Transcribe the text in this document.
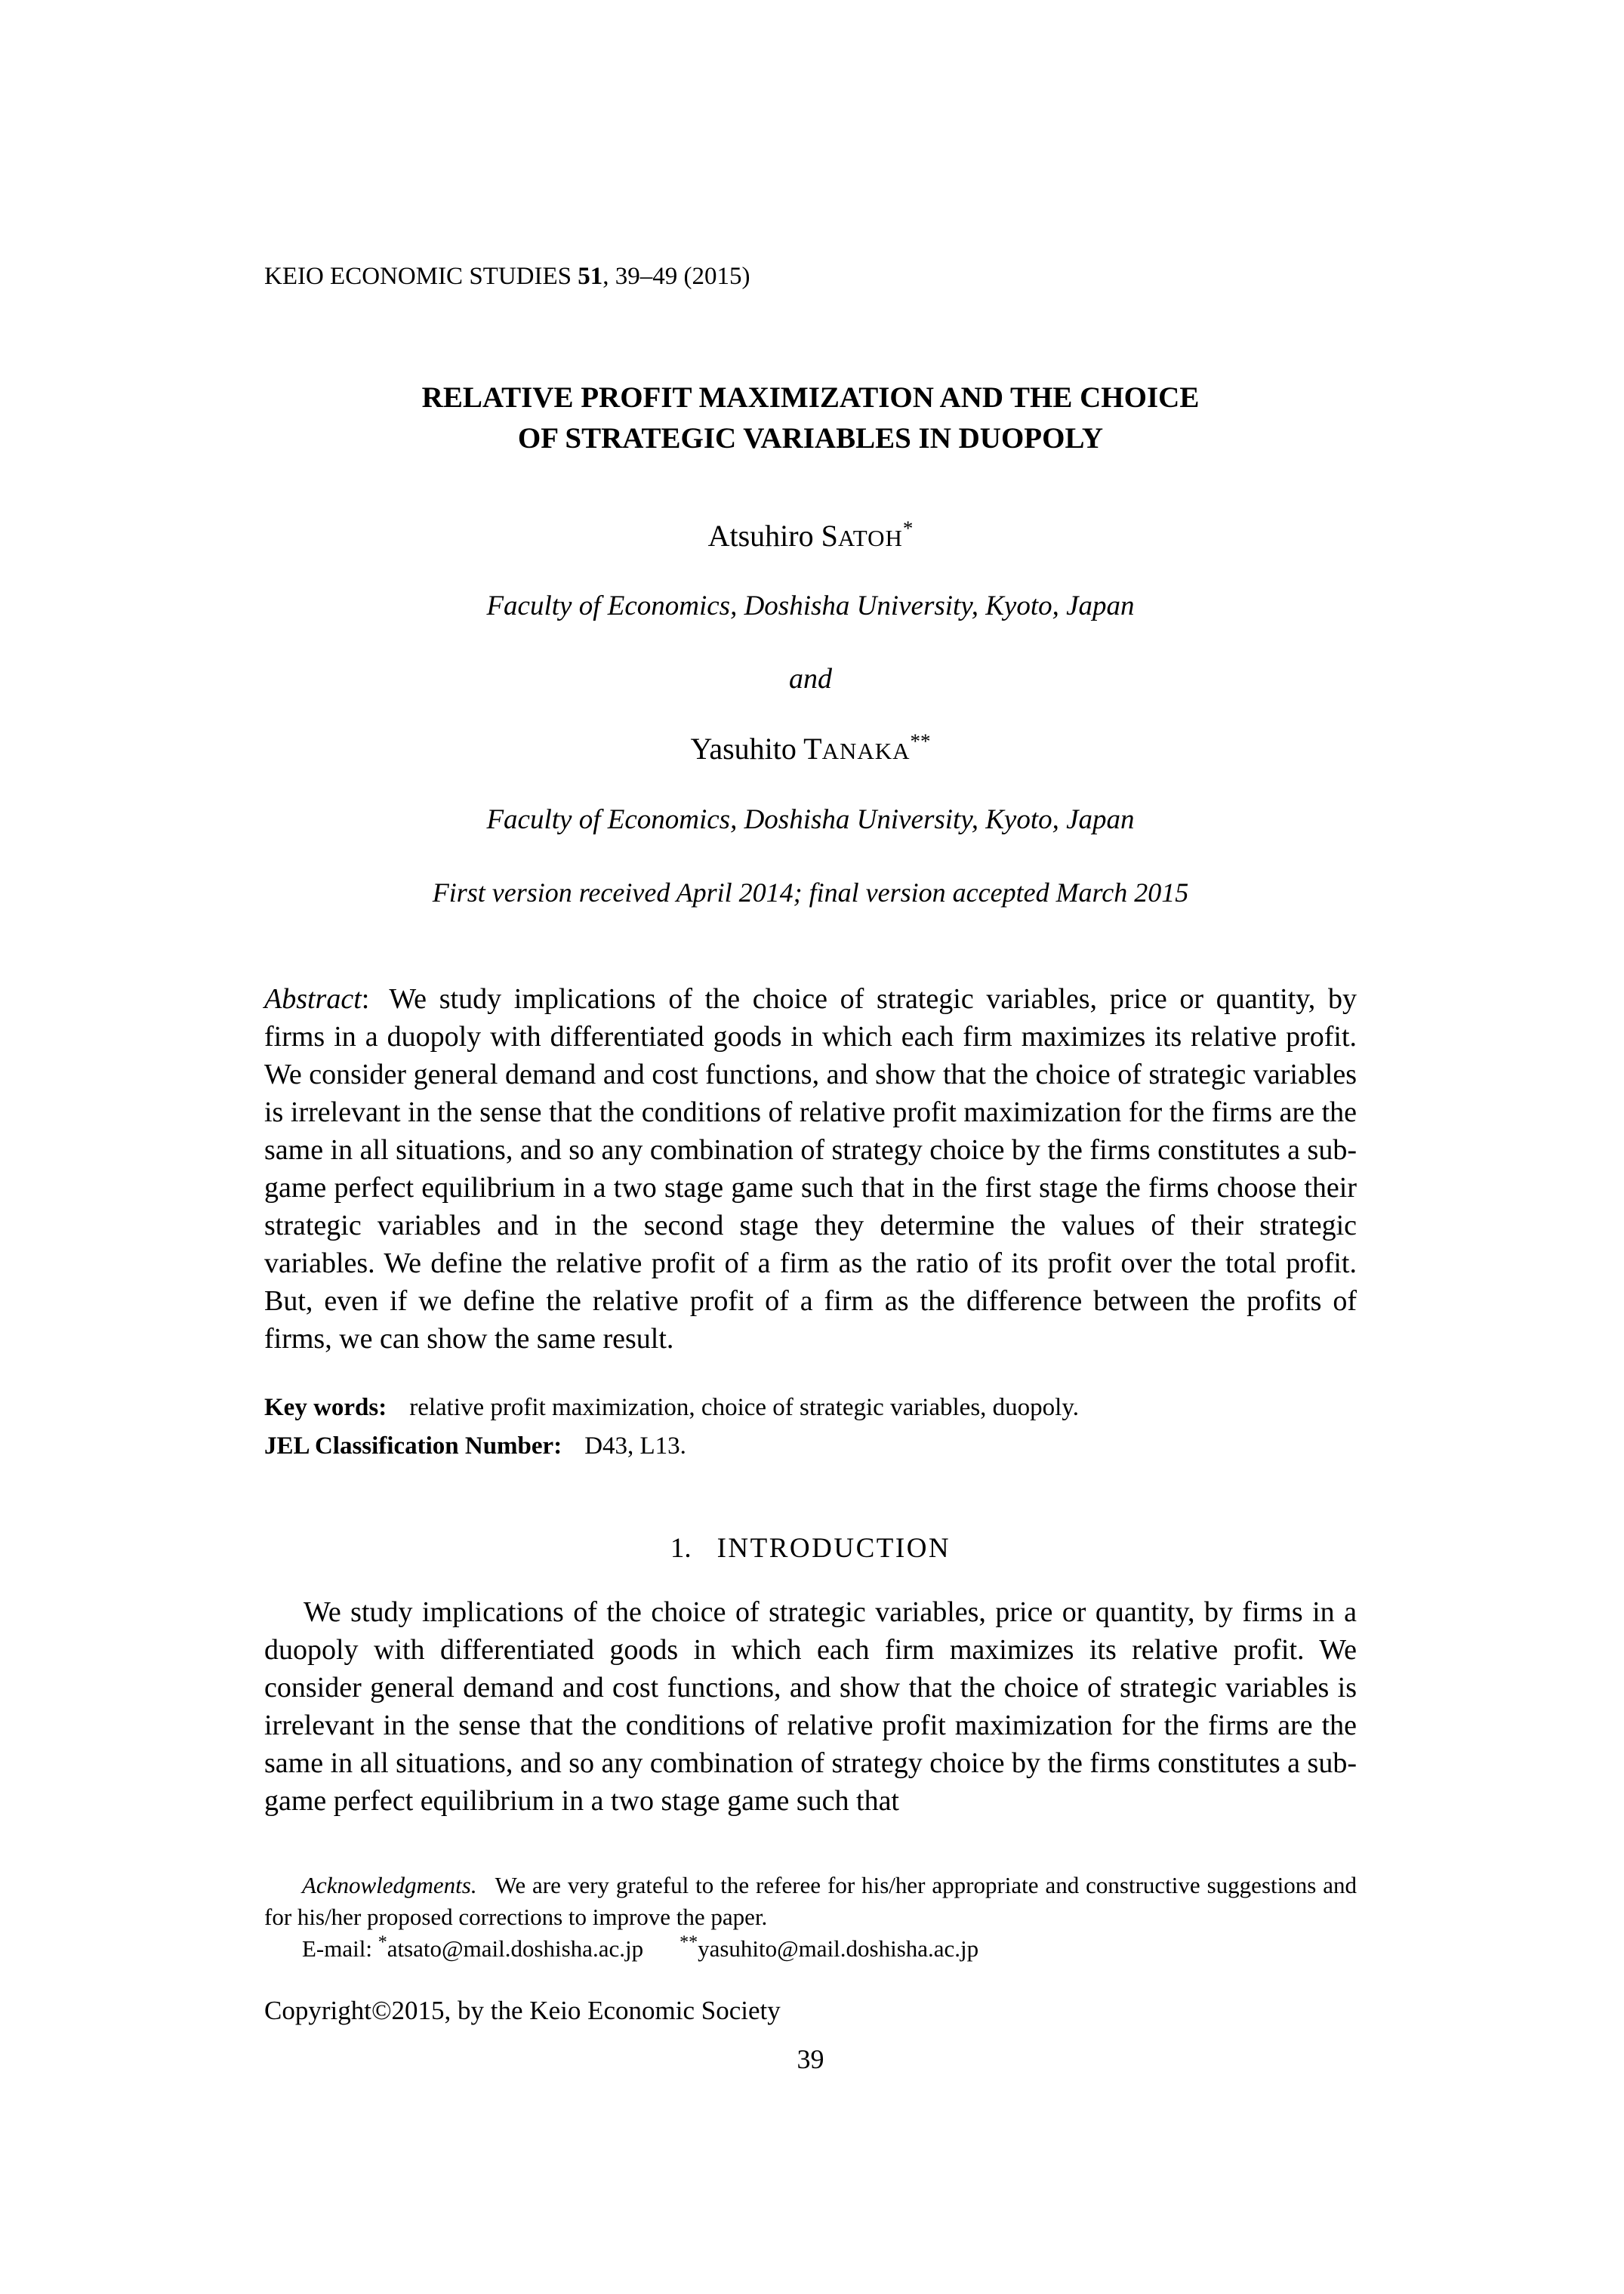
KEIO ECONOMIC STUDIES 51, 39–49 (2015)
RELATIVE PROFIT MAXIMIZATION AND THE CHOICE
OF STRATEGIC VARIABLES IN DUOPOLY
Atsuhiro SATOH*
Faculty of Economics, Doshisha University, Kyoto, Japan
and
Yasuhito TANAKA**
Faculty of Economics, Doshisha University, Kyoto, Japan
First version received April 2014; final version accepted March 2015
Abstract: We study implications of the choice of strategic variables, price or quantity, by firms in a duopoly with differentiated goods in which each firm maximizes its relative profit. We consider general demand and cost functions, and show that the choice of strategic variables is irrelevant in the sense that the conditions of relative profit maximization for the firms are the same in all situations, and so any combination of strategy choice by the firms constitutes a sub-game perfect equilibrium in a two stage game such that in the first stage the firms choose their strategic variables and in the second stage they determine the values of their strategic variables. We define the relative profit of a firm as the ratio of its profit over the total profit. But, even if we define the relative profit of a firm as the difference between the profits of firms, we can show the same result.
Key words: relative profit maximization, choice of strategic variables, duopoly.
JEL Classification Number: D43, L13.
1. INTRODUCTION
We study implications of the choice of strategic variables, price or quantity, by firms in a duopoly with differentiated goods in which each firm maximizes its relative profit. We consider general demand and cost functions, and show that the choice of strategic variables is irrelevant in the sense that the conditions of relative profit maximization for the firms are the same in all situations, and so any combination of strategy choice by the firms constitutes a sub-game perfect equilibrium in a two stage game such that

Acknowledgments. We are very grateful to the referee for his/her appropriate and constructive suggestions and for his/her proposed corrections to improve the paper.

E-mail: *atsato@mail.doshisha.ac.jp **yasuhito@mail.doshisha.ac.jp

Copyright©2015, by the Keio Economic Society
39
